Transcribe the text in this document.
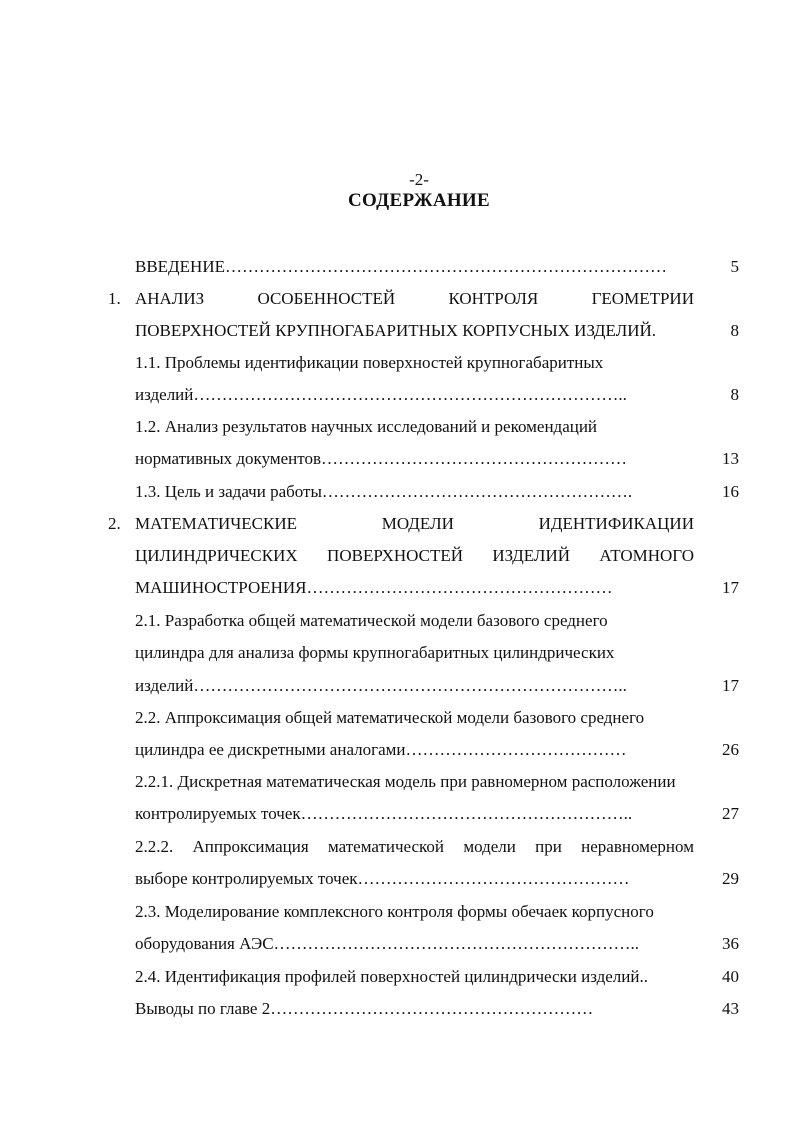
-2-
СОДЕРЖАНИЕ
ВВЕДЕНИЕ……………………………………………………………………	5
1. АНАЛИЗ	ОСОБЕННОСТЕЙ	КОНТРОЛЯ	ГЕОМЕТРИИ
ПОВЕРХНОСТЕЙ КРУПНОГАБАРИТНЫХ КОРПУСНЫХ ИЗДЕЛИЙ.	8
1.1. Проблемы идентификации поверхностей крупногабаритных
изделий…………………………………………………………………..	8
1.2. Анализ результатов научных исследований и рекомендаций
нормативных документов………………………………………………	13
1.3. Цель и задачи работы……………………………………………….	16
2. МАТЕМАТИЧЕСКИЕ	МОДЕЛИ	ИДЕНТИФИКАЦИИ
ЦИЛИНДРИЧЕСКИХ ПОВЕРХНОСТЕЙ ИЗДЕЛИЙ АТОМНОГО
МАШИНОСТРОЕНИЯ………………………………………………	17
2.1. Разработка общей математической модели базового среднего
цилиндра для анализа формы крупногабаритных цилиндрических
изделий…………………………………………………………………..	17
2.2. Аппроксимация общей математической модели базового среднего
цилиндра ее дискретными аналогами…………………………………	26
2.2.1. Дискретная математическая модель при равномерном расположении
контролируемых точек…………………………………………………..	27
2.2.2. Аппроксимация математической модели при неравномерном
выборе контролируемых точек…………………………………………	29
2.3. Моделирование комплексного контроля формы обечаек корпусного
оборудования АЭС………………………………………………………..	36
2.4. Идентификация профилей поверхностей цилиндрически изделий..	40
Выводы по главе 2…………………………………………………	43
